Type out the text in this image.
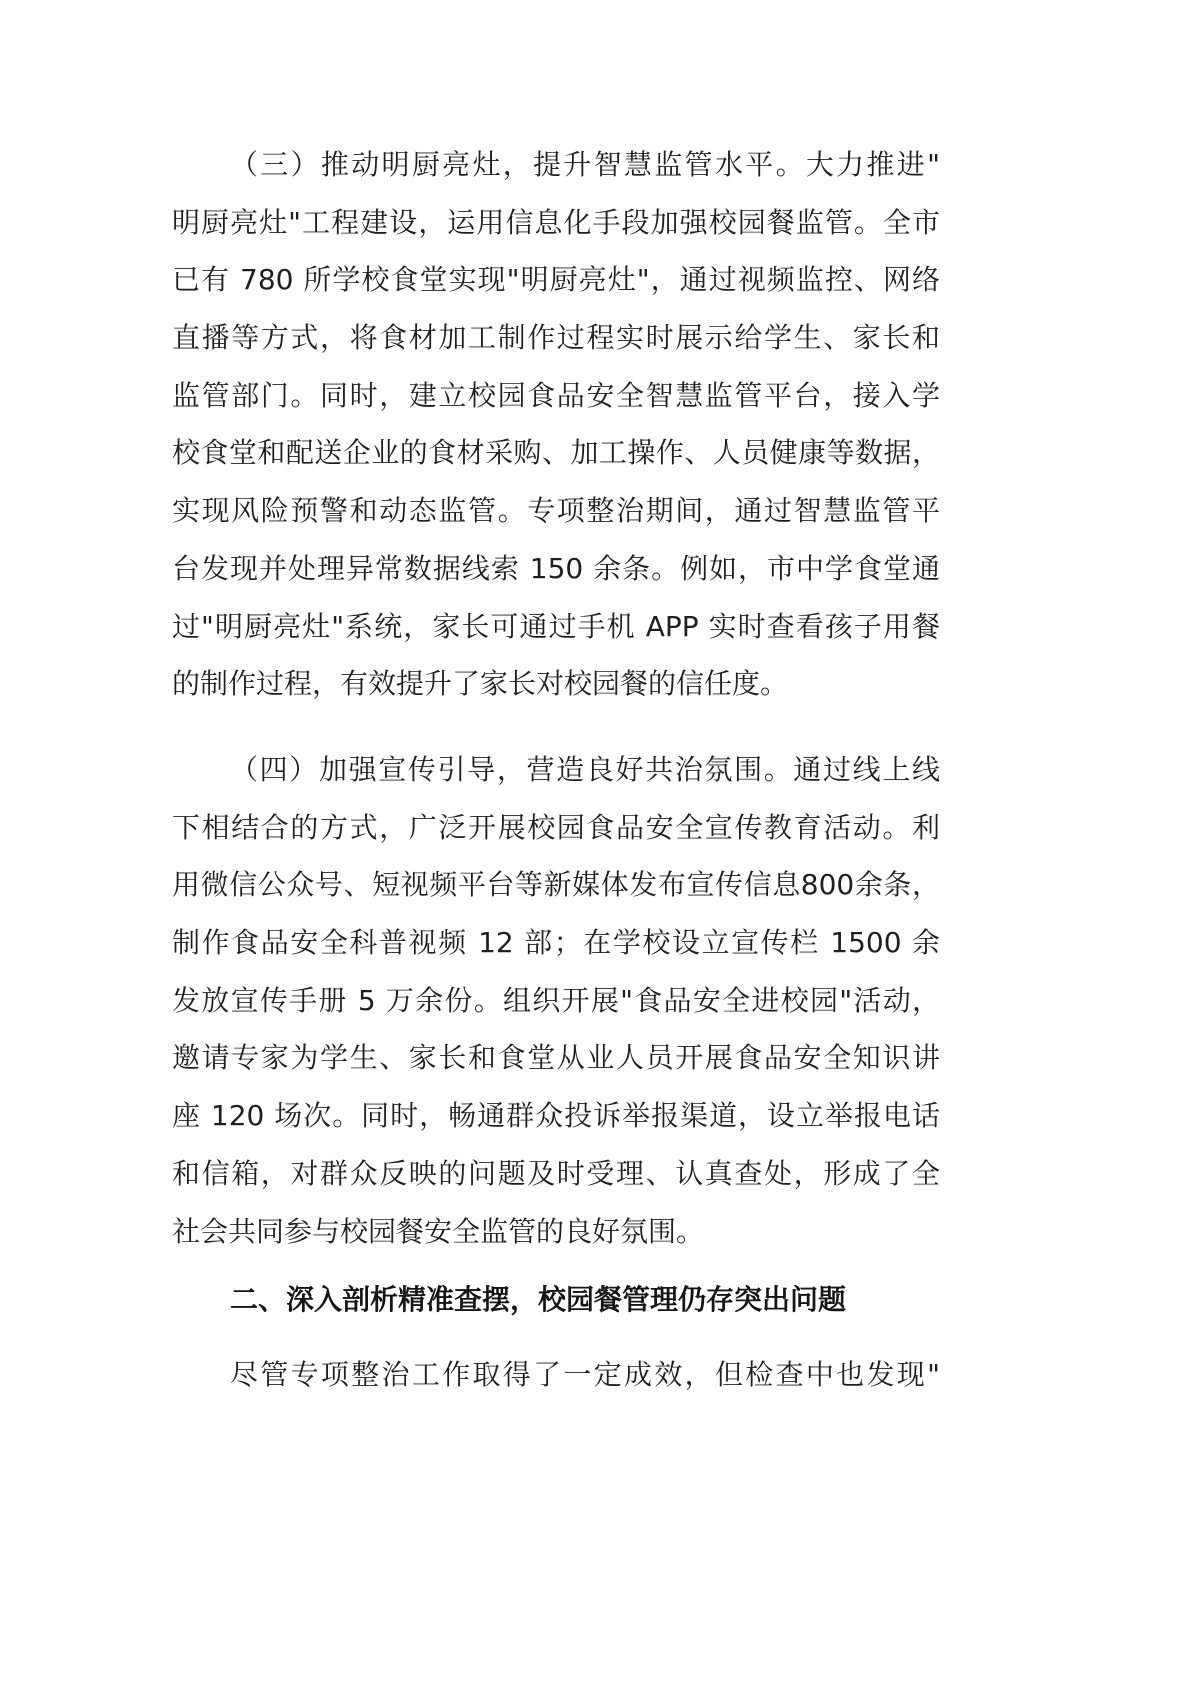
（三）推动明厨亮灶，提升智慧监管水平。大力推进"
明厨亮灶"工程建设，运用信息化手段加强校园餐监管。全市
已有 780 所学校食堂实现"明厨亮灶"，通过视频监控、网络
直播等方式，将食材加工制作过程实时展示给学生、家长和
监管部门。同时，建立校园食品安全智慧监管平台，接入学
校食堂和配送企业的食材采购、加工操作、人员健康等数据，
实现风险预警和动态监管。专项整治期间，通过智慧监管平
台发现并处理异常数据线索 150 余条。例如，市中学食堂通
过"明厨亮灶"系统，家长可通过手机 APP 实时查看孩子用餐
的制作过程，有效提升了家长对校园餐的信任度。
（四）加强宣传引导，营造良好共治氛围。通过线上线
下相结合的方式，广泛开展校园食品安全宣传教育活动。利
用微信公众号、短视频平台等新媒体发布宣传信息800余条，
制作食品安全科普视频 12 部；在学校设立宣传栏 1500 余
发放宣传手册 5 万余份。组织开展"食品安全进校园"活动，
邀请专家为学生、家长和食堂从业人员开展食品安全知识讲
座 120 场次。同时，畅通群众投诉举报渠道，设立举报电话
和信箱，对群众反映的问题及时受理、认真查处，形成了全
社会共同参与校园餐安全监管的良好氛围。
二、深入剖析精准查摆，校园餐管理仍存突出问题
尽管专项整治工作取得了一定成效，但检查中也发现"
